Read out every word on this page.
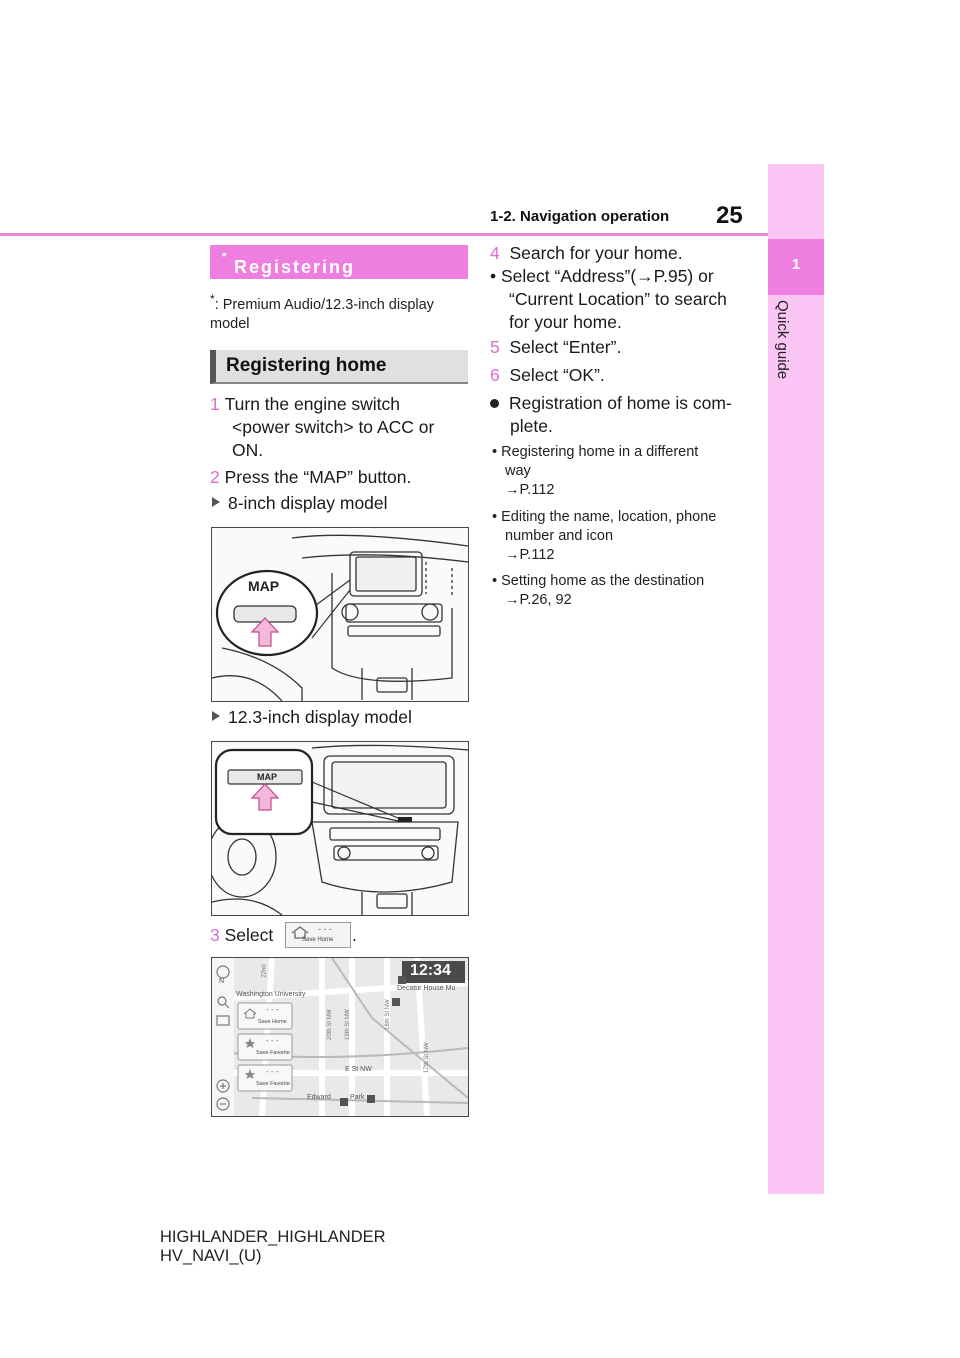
1-2. Navigation operation 25
1
Quick guide
Registering home
*
*: Premium Audio/12.3-inch display model
Registering home
1 Turn the engine switch
<power switch> to ACC or
ON.
2 Press the “MAP” button.
8-inch display model
MAP
12.3-inch display model
MAP
3 Select	- - -
Save Home .
12:34
N
Washington University
Decatur House Mu
22nd
20th St NW 19th St NW	18th St NW
17th St NW
E St NW
Edward	Park
- - -
Save Home
- - -
Save Favorite
- - -
Save Favorite
4 Search for your home.
• Select “Address”(→P.95) or
“Current Location” to search
for your home.
5 Select “Enter”.
6 Select “OK”.
Registration of home is com-
plete.
• Registering home in a different
way
→P.112
• Editing the name, location, phone
number and icon
→P.112
• Setting home as the destination
→P.26, 92
HIGHLANDER_HIGHLANDER
HV_NAVI_(U)
